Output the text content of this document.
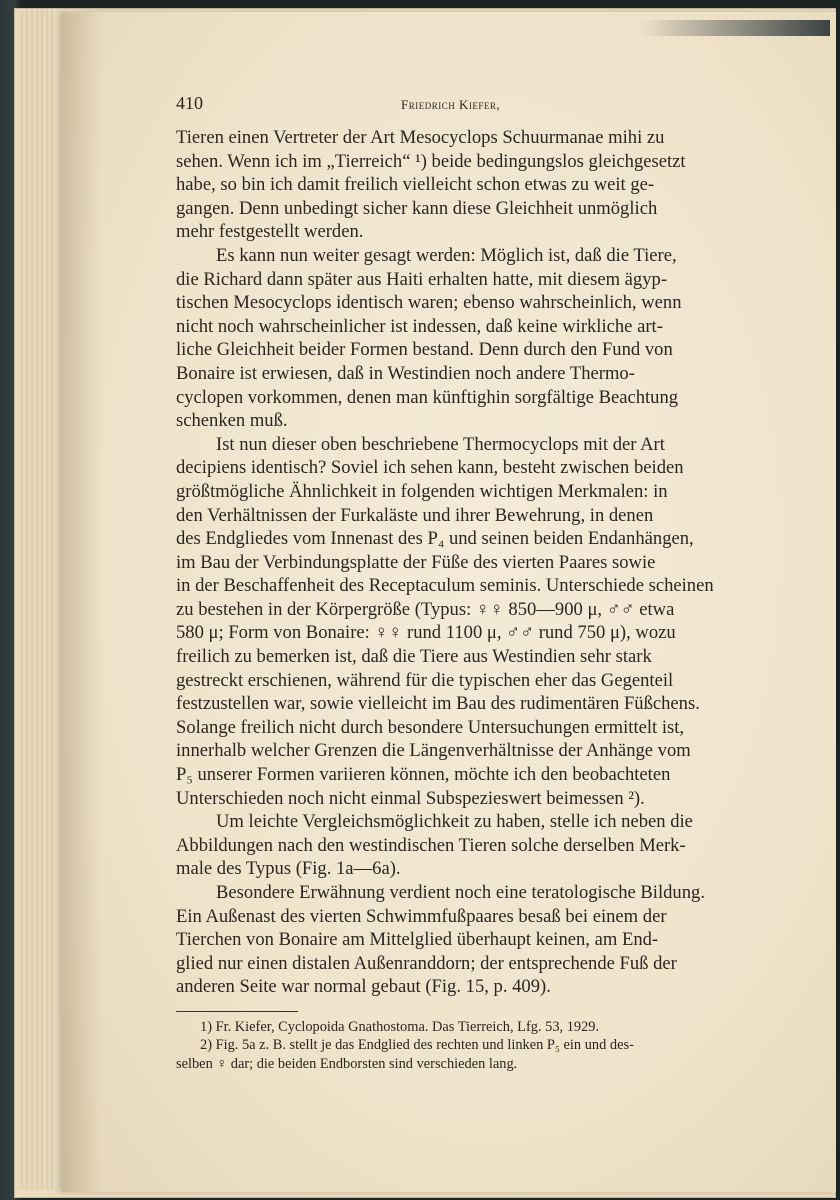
410	Friedrich Kiefer,
Tieren einen Vertreter der Art Mesocyclops Schuurmanae mihi zu
sehen. Wenn ich im „Tierreich“ ¹) beide bedingungslos gleichgesetzt
habe, so bin ich damit freilich vielleicht schon etwas zu weit ge-
gangen. Denn unbedingt sicher kann diese Gleichheit unmöglich
mehr festgestellt werden.
Es kann nun weiter gesagt werden: Möglich ist, daß die Tiere,
die Richard dann später aus Haiti erhalten hatte, mit diesem ägyp-
tischen Mesocyclops identisch waren; ebenso wahrscheinlich, wenn
nicht noch wahrscheinlicher ist indessen, daß keine wirkliche art-
liche Gleichheit beider Formen bestand. Denn durch den Fund von
Bonaire ist erwiesen, daß in Westindien noch andere Thermo-
cyclopen vorkommen, denen man künftighin sorgfältige Beachtung
schenken muß.
Ist nun dieser oben beschriebene Thermocyclops mit der Art
decipiens identisch? Soviel ich sehen kann, besteht zwischen beiden
größtmögliche Ähnlichkeit in folgenden wichtigen Merkmalen: in
den Verhältnissen der Furkaläste und ihrer Bewehrung, in denen
des Endgliedes vom Innenast des P₄ und seinen beiden Endanhängen,
im Bau der Verbindungsplatte der Füße des vierten Paares sowie
in der Beschaffenheit des Receptaculum seminis. Unterschiede scheinen
zu bestehen in der Körpergröße (Typus: ♀♀ 850—900 μ, ♂♂ etwa
580 μ; Form von Bonaire: ♀♀ rund 1100 μ, ♂♂ rund 750 μ), wozu
freilich zu bemerken ist, daß die Tiere aus Westindien sehr stark
gestreckt erschienen, während für die typischen eher das Gegenteil
festzustellen war, sowie vielleicht im Bau des rudimentären Füßchens.
Solange freilich nicht durch besondere Untersuchungen ermittelt ist,
innerhalb welcher Grenzen die Längenverhältnisse der Anhänge vom
P₅ unserer Formen variieren können, möchte ich den beobachteten
Unterschieden noch nicht einmal Subspezieswert beimessen ²).
Um leichte Vergleichsmöglichkeit zu haben, stelle ich neben die
Abbildungen nach den westindischen Tieren solche derselben Merk-
male des Typus (Fig. 1a—6a).
Besondere Erwähnung verdient noch eine teratologische Bildung.
Ein Außenast des vierten Schwimmfußpaares besaß bei einem der
Tierchen von Bonaire am Mittelglied überhaupt keinen, am End-
glied nur einen distalen Außenranddorn; der entsprechende Fuß der
anderen Seite war normal gebaut (Fig. 15, p. 409).
1) Fr. Kiefer, Cyclopoida Gnathostoma. Das Tierreich, Lfg. 53, 1929.
2) Fig. 5a z. B. stellt je das Endglied des rechten und linken P₅ ein und des-
selben ♀ dar; die beiden Endborsten sind verschieden lang.
